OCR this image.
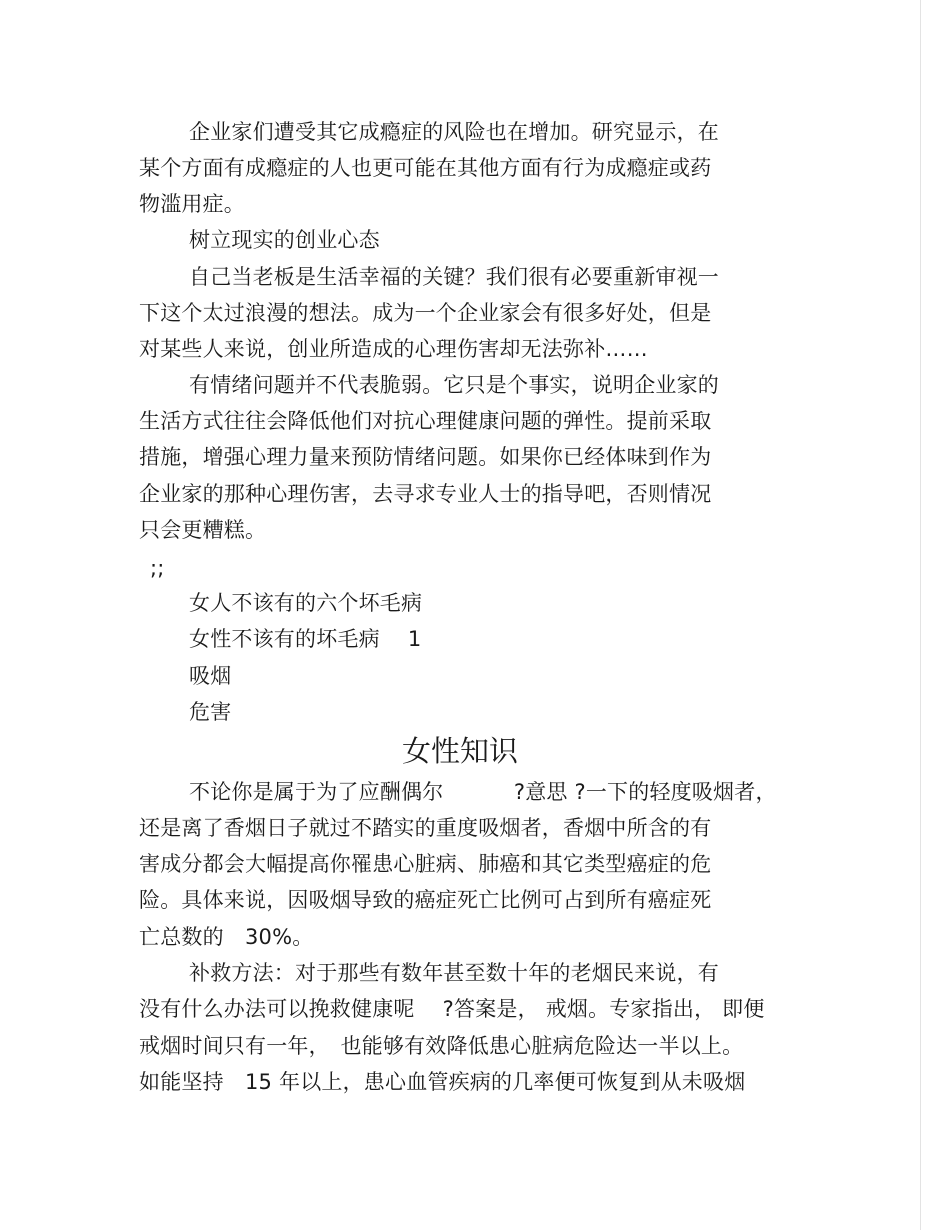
企业家们遭受其它成瘾症的风险也在增加。研究显示，在
某个方面有成瘾症的人也更可能在其他方面有行为成瘾症或药
物滥用症。
树立现实的创业心态
自己当老板是生活幸福的关键？我们很有必要重新审视一
下这个太过浪漫的想法。成为一个企业家会有很多好处，但是
对某些人来说，创业所造成的心理伤害却无法弥补……
有情绪问题并不代表脆弱。它只是个事实，说明企业家的
生活方式往往会降低他们对抗心理健康问题的弹性。提前采取
措施，增强心理力量来预防情绪问题。如果你已经体味到作为
企业家的那种心理伤害，去寻求专业人士的指导吧，否则情况
只会更糟糕。
;;
女人不该有的六个坏毛病
女性不该有的坏毛病　 1
吸烟
危害
女性知识
不论你是属于为了应酬偶尔　　　 ?意思 ?一下的轻度吸烟者，
还是离了香烟日子就过不踏实的重度吸烟者，香烟中所含的有
害成分都会大幅提高你罹患心脏病、肺癌和其它类型癌症的危
险。具体来说，因吸烟导致的癌症死亡比例可占到所有癌症死
亡总数的　30%。
补救方法：对于那些有数年甚至数十年的老烟民来说，有
没有什么办法可以挽救健康呢　 ?答案是， 戒烟。专家指出， 即便
戒烟时间只有一年，　也能够有效降低患心脏病危险达一半以上。
如能坚持　15 年以上，患心血管疾病的几率便可恢复到从未吸烟
